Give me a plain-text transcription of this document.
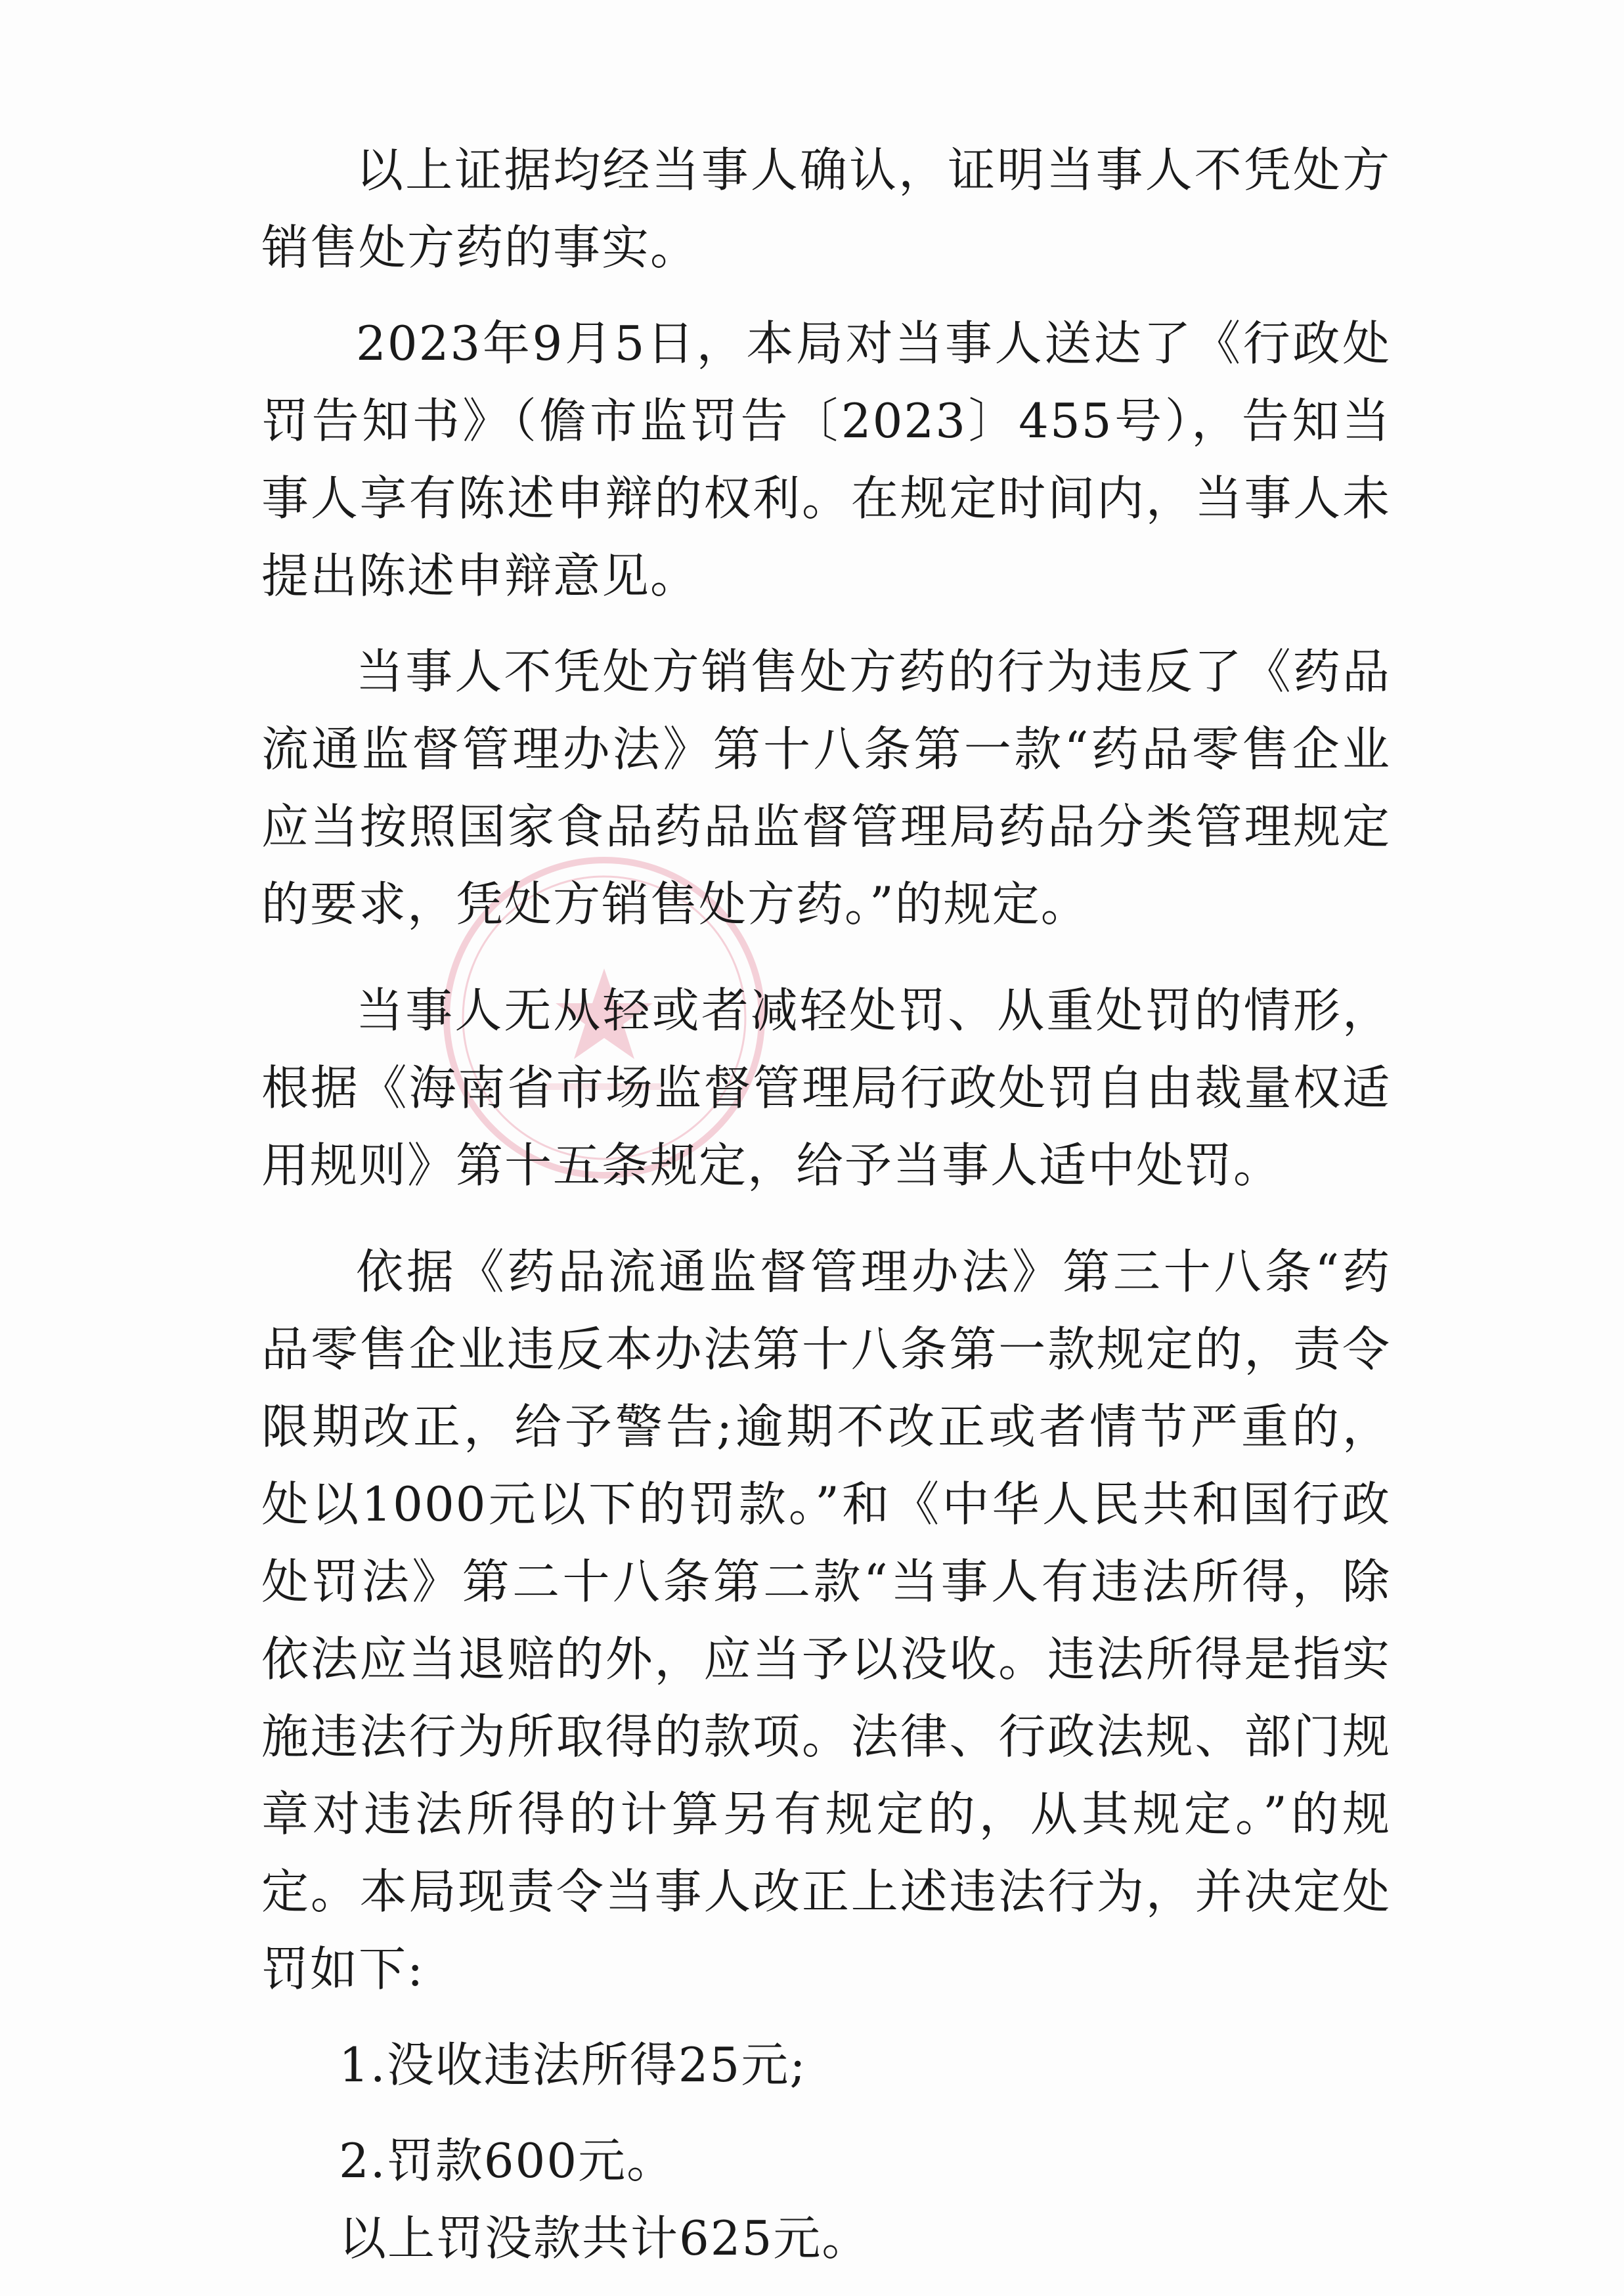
以上证据均经当事人确认，证明当事人不凭处方销售处方药的事实。

2023年9月5日，本局对当事人送达了《行政处罚告知书》（儋市监罚告〔2023〕455号），告知当事人享有陈述申辩的权利。在规定时间内，当事人未提出陈述申辩意见。

当事人不凭处方销售处方药的行为违反了《药品流通监督管理办法》第十八条第一款“药品零售企业应当按照国家食品药品监督管理局药品分类管理规定的要求，凭处方销售处方药。”的规定。

当事人无从轻或者减轻处罚、从重处罚的情形，根据《海南省市场监督管理局行政处罚自由裁量权适用规则》第十五条规定，给予当事人适中处罚。

依据《药品流通监督管理办法》第三十八条“药品零售企业违反本办法第十八条第一款规定的，责令限期改正，给予警告;逾期不改正或者情节严重的，处以1000元以下的罚款。”和《中华人民共和国行政处罚法》第二十八条第二款“当事人有违法所得，除依法应当退赔的外，应当予以没收。违法所得是指实施违法行为所取得的款项。法律、行政法规、部门规章对违法所得的计算另有规定的，从其规定。”的规定。本局现责令当事人改正上述违法行为，并决定处罚如下:

1.没收违法所得25元;

2.罚款600元。

以上罚没款共计625元。
